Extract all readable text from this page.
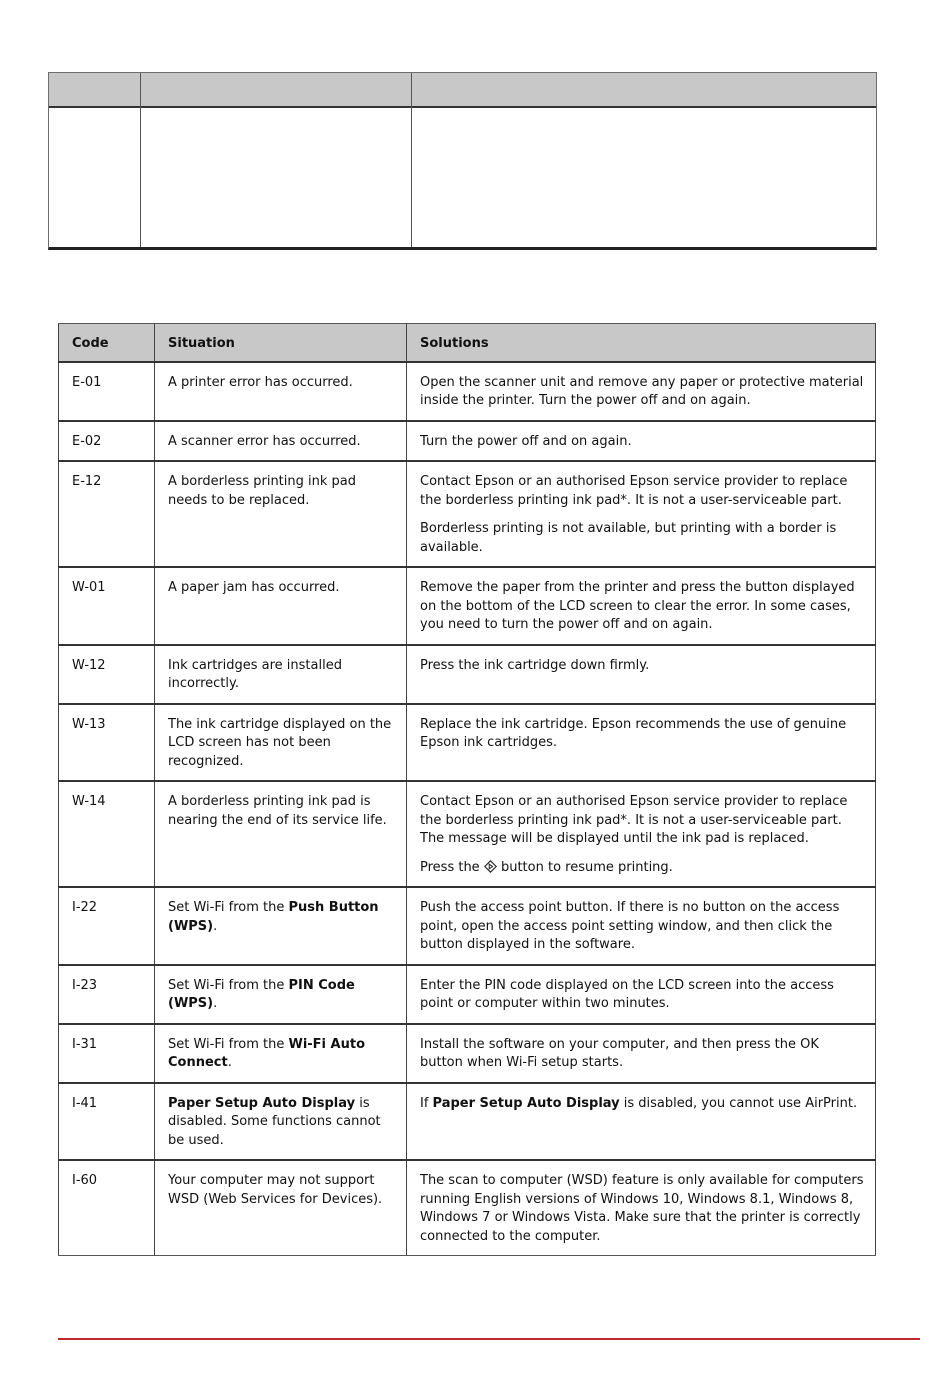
Code	Situation	Solutions
E-01	A printer error has occurred.	Open the scanner unit and remove any paper or protective material inside the printer. Turn the power off and on again.

E-02	A scanner error has occurred.	Turn the power off and on again.

E-12	A borderless printing ink pad needs to be replaced.	Contact Epson or an authorised Epson service provider to replace the borderless printing ink pad*. It is not a user-serviceable part.

Borderless printing is not available, but printing with a border is available.

W-01	A paper jam has occurred.	Remove the paper from the printer and press the button displayed on the bottom of the LCD screen to clear the error. In some cases, you need to turn the power off and on again.

W-12	Ink cartridges are installed incorrectly.	Press the ink cartridge down firmly.

W-13	The ink cartridge displayed on the LCD screen has not been recognized.	Replace the ink cartridge. Epson recommends the use of genuine Epson ink cartridges.

W-14	A borderless printing ink pad is nearing the end of its service life.	Contact Epson or an authorised Epson service provider to replace the borderless printing ink pad*. It is not a user-serviceable part. The message will be displayed until the ink pad is replaced.

Press the button to resume printing.

I-22	Set Wi-Fi from the Push Button (WPS).	Push the access point button. If there is no button on the access point, open the access point setting window, and then click the button displayed in the software.

I-23	Set Wi-Fi from the PIN Code (WPS).	Enter the PIN code displayed on the LCD screen into the access point or computer within two minutes.

I-31	Set Wi-Fi from the Wi-Fi Auto Connect.	Install the software on your computer, and then press the OK button when Wi-Fi setup starts.

I-41	Paper Setup Auto Display is disabled. Some functions cannot be used.	If Paper Setup Auto Display is disabled, you cannot use AirPrint.
I-60	Your computer may not support WSD (Web Services for Devices).	The scan to computer (WSD) feature is only available for computers running English versions of Windows 10, Windows 8.1, Windows 8, Windows 7 or Windows Vista. Make sure that the printer is correctly connected to the computer.
